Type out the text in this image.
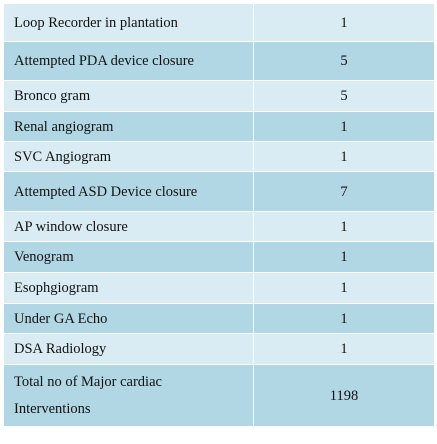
Loop Recorder in plantation	1
Attempted PDA device closure	5
Bronco gram	5
Renal angiogram	1
SVC Angiogram	1
Attempted ASD Device closure	7
AP window closure	1
Venogram	1
Esophgiogram	1
Under GA Echo	1
DSA Radiology	1
Total no of Major cardiac
Interventions	1198
